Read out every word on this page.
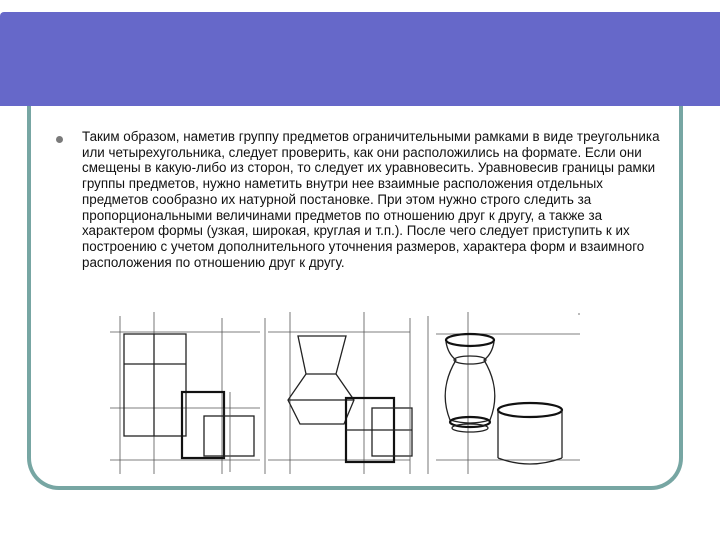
Таким образом, наметив группу предметов ограничительными рамками в виде треугольника или четырехугольника, следует проверить, как они расположились на формате. Если они смещены в какую-либо из сторон, то следует их уравновесить. Уравновесив границы рамки группы предметов, нужно наметить внутри нее взаимные расположения отдельных предметов сообразно их натурной постановке. При этом нужно строго следить за пропорциональными величинами предметов по отношению друг к другу, а также за характером формы (узкая, широкая, круглая и т.п.). После чего следует приступить к их построению с учетом дополнительного уточнения размеров, характера форм и взаимного расположения по отношению друг к другу.
